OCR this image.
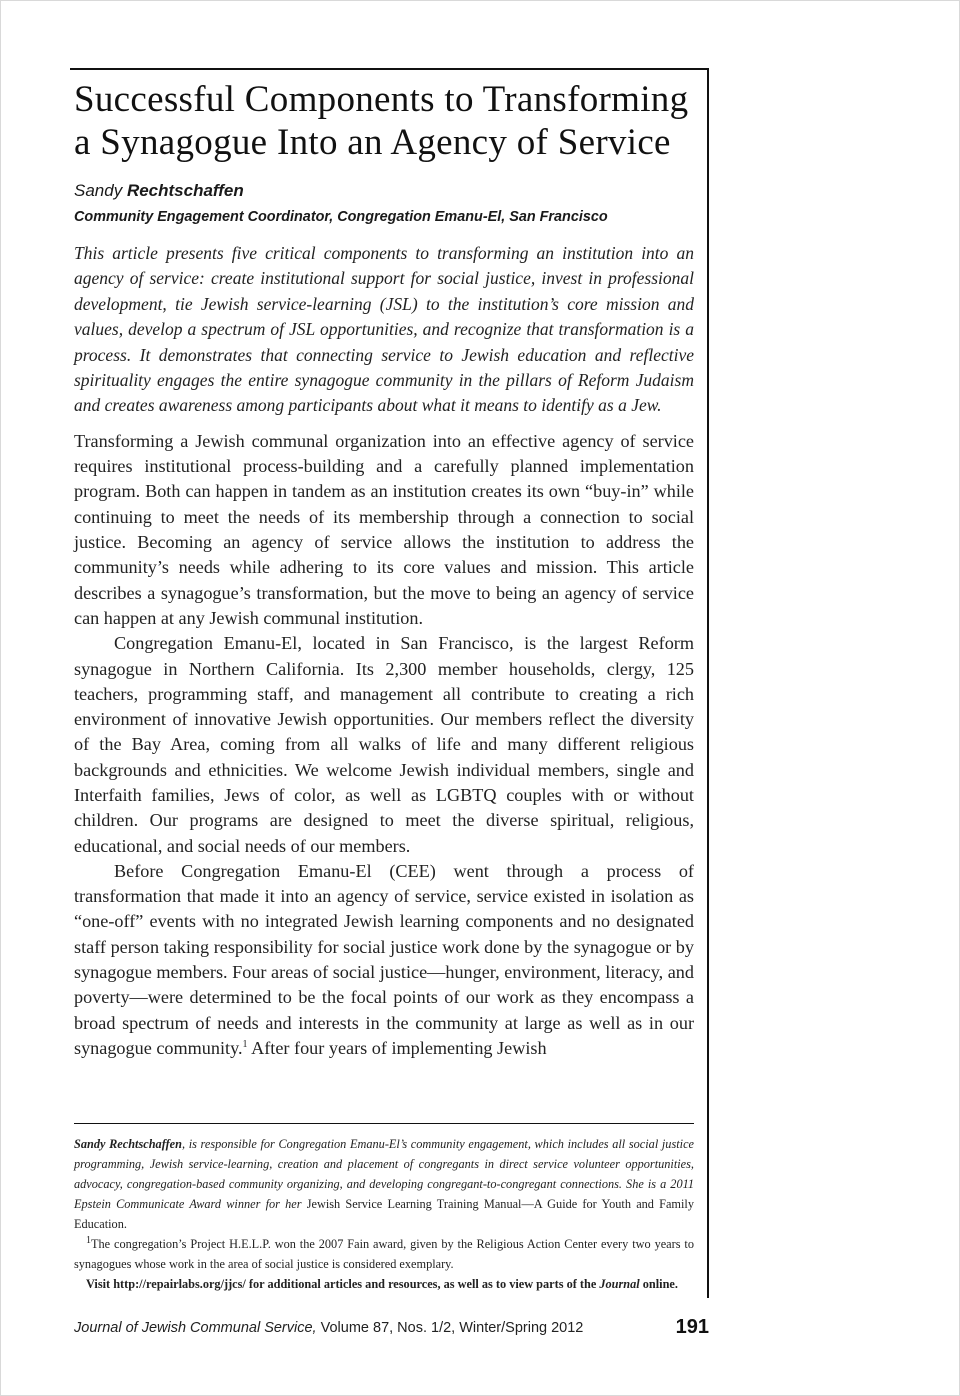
Successful Components to Transforming a Synagogue Into an Agency of Service
Sandy Rechtschaffen
Community Engagement Coordinator, Congregation Emanu-El, San Francisco
This article presents five critical components to transforming an institution into an agency of service: create institutional support for social justice, invest in professional development, tie Jewish service-learning (JSL) to the institution’s core mission and values, develop a spectrum of JSL opportunities, and recognize that transformation is a process. It demonstrates that connecting service to Jewish education and reflective spirituality engages the entire synagogue community in the pillars of Reform Judaism and creates awareness among participants about what it means to identify as a Jew.

Transforming a Jewish communal organization into an effective agency of service requires institutional process-building and a carefully planned implementation program. Both can happen in tandem as an institution creates its own “buy-in” while continuing to meet the needs of its membership through a connection to social justice. Becoming an agency of service allows the institution to address the community’s needs while adhering to its core values and mission. This article describes a synagogue’s transformation, but the move to being an agency of service can happen at any Jewish communal institution.

Congregation Emanu-El, located in San Francisco, is the largest Reform synagogue in Northern California. Its 2,300 member households, clergy, 125 teachers, programming staff, and management all contribute to creating a rich environment of innovative Jewish opportunities. Our members reflect the diversity of the Bay Area, coming from all walks of life and many different religious backgrounds and ethnicities. We welcome Jewish individual members, single and Interfaith families, Jews of color, as well as LGBTQ couples with or without children. Our programs are designed to meet the diverse spiritual, religious, educational, and social needs of our members.

Before Congregation Emanu-El (CEE) went through a process of transformation that made it into an agency of service, service existed in isolation as “one-off” events with no integrated Jewish learning components and no designated staff person taking responsibility for social justice work done by the synagogue or by synagogue members. Four areas of social justice—hunger, environment, literacy, and poverty—were determined to be the focal points of our work as they encompass a broad spectrum of needs and interests in the community at large as well as in our synagogue community.$^1$ After four years of implementing Jewish

Sandy Rechtschaffen, is responsible for Congregation Emanu-El’s community engagement, which includes all social justice programming, Jewish service-learning, creation and placement of congregants in direct service volunteer opportunities, advocacy, congregation-based community organizing, and developing congregant-to-congregant connections. She is a 2011 Epstein Communicate Award winner for her Jewish Service Learning Training Manual—A Guide for Youth and Family Education.

$^1$The congregation’s Project H.E.L.P. won the 2007 Fain award, given by the Religious Action Center every two years to synagogues whose work in the area of social justice is considered exemplary.

Visit http://repairlabs.org/jjcs/ for additional articles and resources, as well as to view parts of the Journal online.

Journal of Jewish Communal Service, Volume 87, Nos. 1/2, Winter/Spring 2012	191
